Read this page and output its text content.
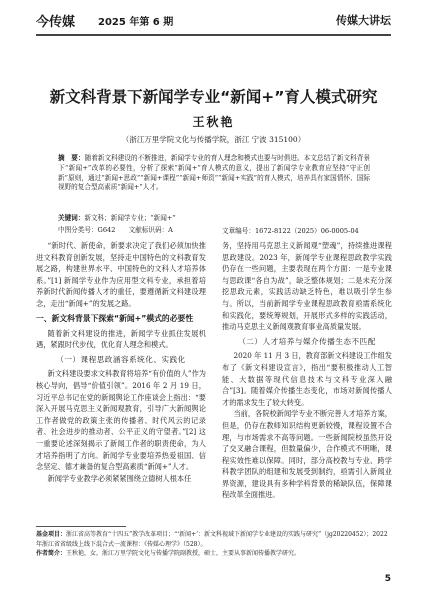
今传媒 2025 年第 6 期	传媒大讲坛
新文科背景下新闻学专业“新闻+”育人模式研究
王秋艳
（浙江万里学院文化与传播学院，浙江 宁波 315100）
摘　要：随着新文科建设的不断推进，新闻学专业的育人理念和模式也要与时俱进。本文总结了新文科背景下“新闻+”改革的必要性，分析了探索“新闻+”育人模式的意义，提出了新闻学专业教育应坚持“守正创新”原则，通过“新闻+思政”“新闻+课程”“新闻+师资”“新闻+实践”的育人模式，培养具有家国情怀、国际视野的复合型高素质“新闻+”人才。
关键词：新文科；新闻学专业；“新闻+”
中图分类号：G642　　 文献标识码：A	文章编号：1672-8122（2025）06-0005-04

“新时代、新使命，新要求决定了我们必须加快推进文科教育创新发展，坚持走中国特色的文科教育发展之路，构建世界水平、中国特色的文科人才培养体系。”[1] 新闻学专业作为应用型文科专业，承担着培养新时代新闻传播人才的重任，要遵循新文科建设理念，走出“新闻+”的发展之路。

一、新文科背景下探索“新闻+”模式的必要性

随着新文科建设的推进，新闻学专业抓住发展机遇，紧跟时代步伐，优化育人理念和模式。

（一）课程思政涵容系统化、实践化

新文科建设要求文科教育将培养“有价值的人”作为核心导向，倡导“价值引领”。2016 年 2 月 19 日，习近平总书记在党的新闻舆论工作座谈会上指出：“要深入开展马克思主义新闻观教育，引导广大新闻舆论工作者做党的政策主张的传播者、时代风云的记录者、社会进步的推动者、公平正义的守望者。”[2] 这一重要论述深刻揭示了新闻工作者的职责使命，为人才培养指明了方向。新闻学专业要培养热爱祖国、信念坚定、德才兼备的复合型高素质“新闻+”人才。

新闻学专业教学必须紧紧围绕立德树人根本任

务，坚持用马克思主义新闻观“塑魂”，持续推进课程思政建设。2023 年，新闻学专业课程思政教学实践仍存在一些问题，主要表现在两个方面：一是专业课与思政课“各自为战”，缺乏整体规划；二是未充分深挖思政元素，实践活动缺乏特色，难以吸引学生参与。所以，当前新闻学专业课程思政教育亟需系统化和实践化，要统筹规划，开展形式多样的实践活动，推动马克思主义新闻观教育事业高质量发展。

（二）人才培养与媒介传播生态不匹配

2020 年 11 月 3 日，教育部新文科建设工作组发布了《新文科建设宣言》，指出“要积极推动人工智能、大数据等现代信息技术与文科专业深入融合”[3]。随着媒介传播生态变化，市场对新闻传播人才的需求发生了较大转变。

当前，各院校新闻学专业不断完善人才培养方案，但是，仍存在教师知识结构更新较慢，课程设置不合理，与市场需求不高等问题。一些新闻院校虽然开设了交叉融合课程，但数量偏少，合作模式不明晰，课程实效性难以保障。同时，部分高校教与专业、跨学科教学团队的组建和发展受到制约，亟需引入新闻业界资源，建设具有多种学科背景的稀缺队伍，保障课程改革全面推进。

基金项目：浙江省高等教育“十四五”教学改革项目；“‘新闻+’：新文科视域下新闻学专业建设的实践与研究”（jg20220452）；2022 年浙江省省级线上线下混合式一流课程：《传媒心理学》（528）。
作者简介：王秋艳，女，浙江万里学院文化与传播学院副教授，硕士，主要从事新闻传播教学研究。
5
